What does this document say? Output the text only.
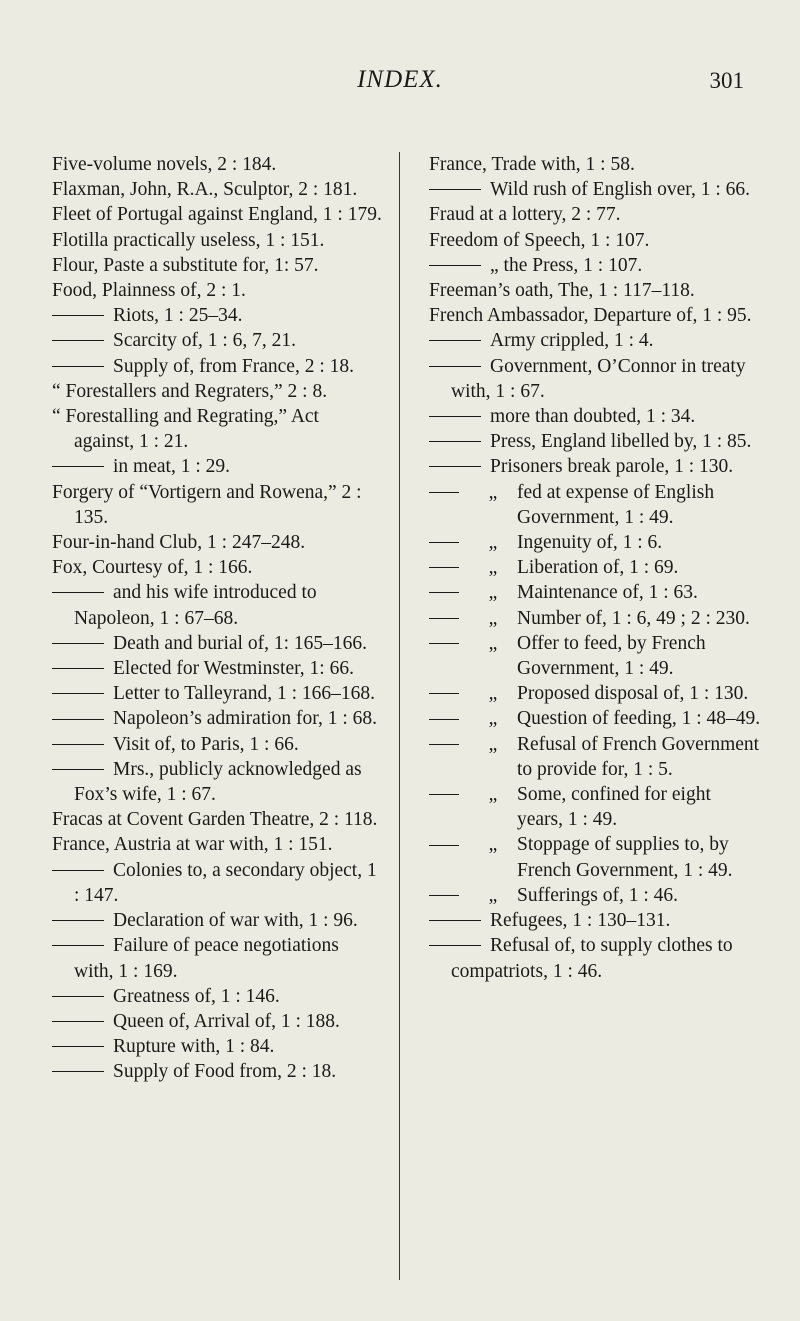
INDEX.	301

Five-volume novels, 2 : 184.

Flaxman, John, R.A., Sculptor, 2 : 181.

Fleet of Portugal against England, 1 : 179.

Flotilla practically useless, 1 : 151.

Flour, Paste a substitute for, 1: 57.

Food, Plainness of, 2 : 1.

Riots, 1 : 25–34.

Scarcity of, 1 : 6, 7, 21.

Supply of, from France, 2 : 18.

“ Forestallers and Regraters,” 2 : 8.

“ Forestalling and Regrating,” Act against, 1 : 21.

in meat, 1 : 29.

Forgery of “Vortigern and Rowena,” 2 : 135.

Four-in-hand Club, 1 : 247–248.

Fox, Courtesy of, 1 : 166.

and his wife introduced to Napoleon, 1 : 67–68.

Death and burial of, 1: 165–166.

Elected for Westminster, 1: 66.

Letter to Talleyrand, 1 : 166–168.

Napoleon’s admiration for, 1 : 68.

Visit of, to Paris, 1 : 66.

Mrs., publicly acknowledged as Fox’s wife, 1 : 67.

Fracas at Covent Garden Theatre, 2 : 118.

France, Austria at war with, 1 : 151.

Colonies to, a secondary object, 1 : 147.

Declaration of war with, 1 : 96.

Failure of peace negotiations with, 1 : 169.

Greatness of, 1 : 146.

Queen of, Arrival of, 1 : 188.

Rupture with, 1 : 84.

Supply of Food from, 2 : 18.

France, Trade with, 1 : 58.

Wild rush of English over, 1 : 66.

Fraud at a lottery, 2 : 77.

Freedom of Speech, 1 : 107.

„ the Press, 1 : 107.

Freeman’s oath, The, 1 : 117–118.

French Ambassador, Departure of, 1 : 95.

Army crippled, 1 : 4.

Government, O’Connor in treaty with, 1 : 67.

more than doubted, 1 : 34.

Press, England libelled by, 1 : 85.

Prisoners break parole, 1 : 130.

„	fed at expense of English Government, 1 : 49.
„	Ingenuity of, 1 : 6.
„	Liberation of, 1 : 69.
„	Maintenance of, 1 : 63.
„	Number of, 1 : 6, 49 ; 2 : 230.
„	Offer to feed, by French Government, 1 : 49.
„	Proposed disposal of, 1 : 130.
„	Question of feeding, 1 : 48–49.
„	Refusal of French Government to provide for, 1 : 5.
„	Some, confined for eight years, 1 : 49.
„	Stoppage of supplies to, by French Government, 1 : 49.
„	Sufferings of, 1 : 46.

Refugees, 1 : 130–131.

Refusal of, to supply clothes to compatriots, 1 : 46.
